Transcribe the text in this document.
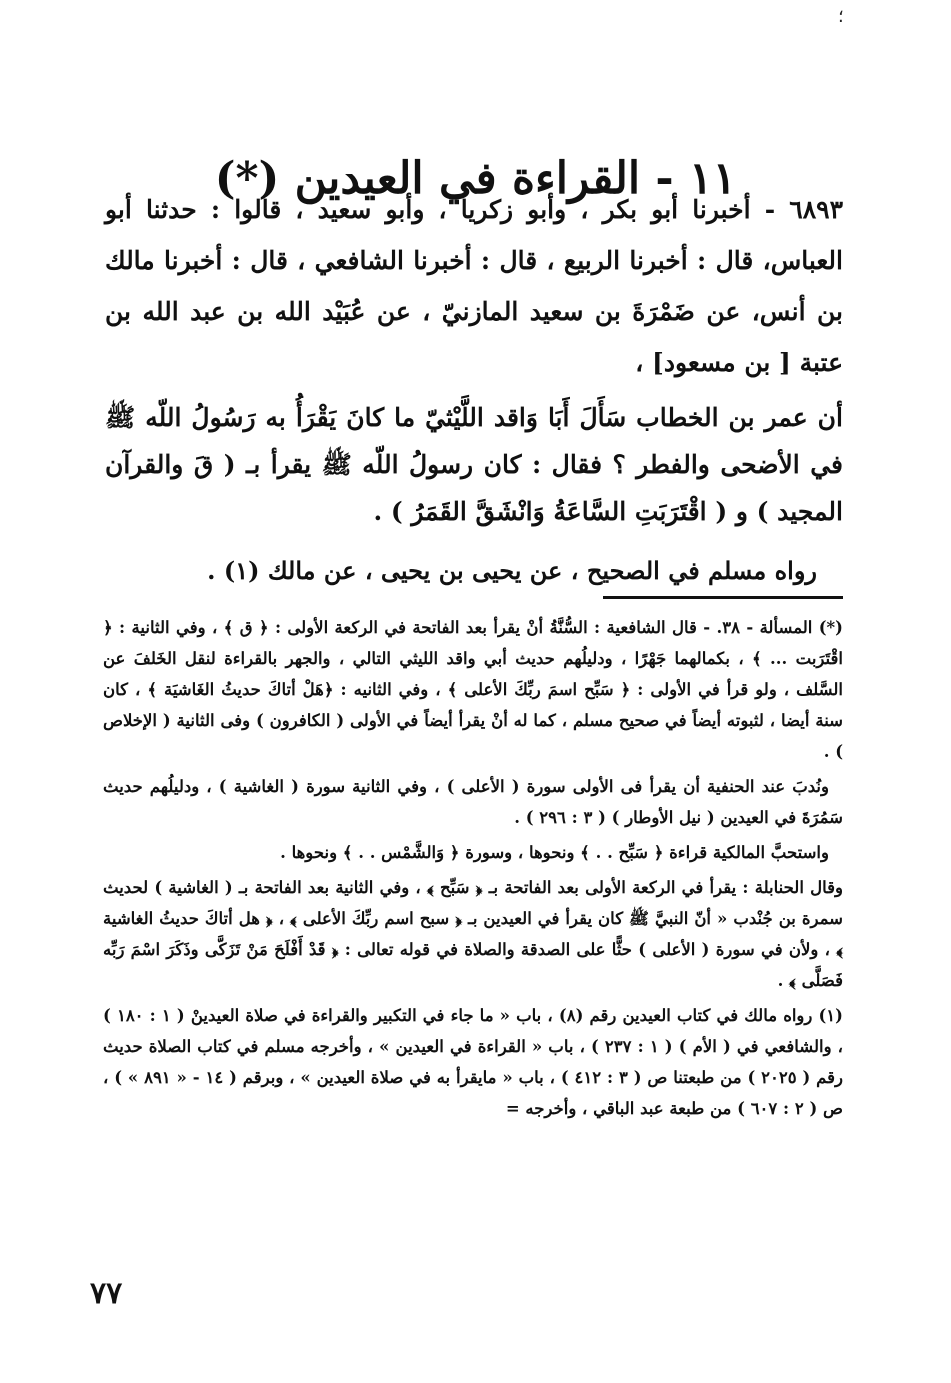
؛
١١ - القراءة في العيدين (*)

٦٨٩٣ - أخبرنا أبو بكر ، وأبو زكريا ، وأبو سعيد ، قالوا : حدثنا أبو العباس، قال : أخبرنا الربيع ، قال : أخبرنا الشافعي ، قال : أخبرنا مالك بن أنس، عن ضَمْرَةَ بن سعيد المازنيّ ، عن عُبَيْد الله بن عبد الله بن عتبة [ بن مسعود] ،

أن عمر بن الخطاب سَأَلَ أَبَا وَاقد اللَّيْثيّ ما كانَ يَقْرَأُ به رَسُولُ اللّه ﷺ في الأضحى والفطر ؟ فقال : كان رسولُ اللّه ﷺ يقرأ بـ ( قَ والقرآن المجيد ) و ( اقْتَرَبَتِ السَّاعَةُ وَانْشَقَّ القَمَرُ ) .

رواه مسلم في الصحيح ، عن يحيى بن يحيى ، عن مالك (١) .

(*) المسألة - ٣٨. - قال الشافعية : السُّنَّةُ أنْ يقرأ بعد الفاتحة في الركعة الأولى : ﴿ ق ﴾ ، وفي الثانية : ﴿ اقْتَرَبت ... ﴾ ، بكمالهما جَهْرًا ، ودليلُهم حديث أبي واقد الليثي التالي ، والجهر بالقراءة لنقل الخَلفَ عن السَّلف ، ولو قرأ في الأولى : ﴿ سَبِّح اسمَ ربِّكَ الأعلى ﴾ ، وفي الثانيه : ﴿هَلْ أتاكَ حديثُ الغَاشيَة ﴾ ، كان سنة أيضا ، لثبوته أيضاً في صحيح مسلم ، كما له أنْ يقرأ أيضاً في الأولى ( الكافرون ) وفى الثانية ( الإخلاص ) .

ونُدبَ عند الحنفية أن يقرأ فى الأولى سورة ( الأعلى ) ، وفي الثانية سورة ( الغاشية ) ، ودليلُهم حديث سَمُرَةَ في العيدين ( نيل الأوطار ) ( ٣ : ٢٩٦ ) .

واستحبَّ المالكية قراءة ﴿ سَبِّح . . ﴾ ونحوها ، وسورة ﴿ وَالشَّمْس . . ﴾ ونحوها .

وقال الحنابلة : يقرأ في الركعة الأولى بعد الفاتحة بـ ﴿ سَبِّح ﴾ ، وفي الثانية بعد الفاتحة بـ ( الغاشية ) لحديث سمرة بن جُنْدب « أنّ النبيَّ ﷺ كان يقرأ في العيدين بـ ﴿ سبح اسم ربِّكَ الأعلى ﴾ ، ﴿ هل أتاكَ حديثُ الغاشية ﴾ ، ولأن في سورة ( الأعلى ) حثًّا على الصدقة والصلاة في قوله تعالى : ﴿ قَدْ أَفْلَحَ مَنْ تَزَكَّى وذَكَرَ اسْمَ رَبِّه فَصَلَّى ﴾ .

(١) رواه مالك في كتاب العيدين رقم (٨) ، باب « ما جاء في التكبير والقراءة في صلاة العيدينْ ( ١ : ١٨٠ ) ، والشافعي في ( الأم ) ( ١ : ٢٣٧ ) ، باب « القراءة في العيدين » ، وأخرجه مسلم في كتاب الصلاة حديث رقم ( ٢٠٢٥ ) من طبعتنا ص ( ٣ : ٤١٢ ) ، باب « مايقرأ به في صلاة العيدين » ، وبرقم ( ١٤ - « ٨٩١ » ) ، ص ( ٢ : ٦٠٧ ) من طبعة عبد الباقي ، وأخرجه =

٧٧
